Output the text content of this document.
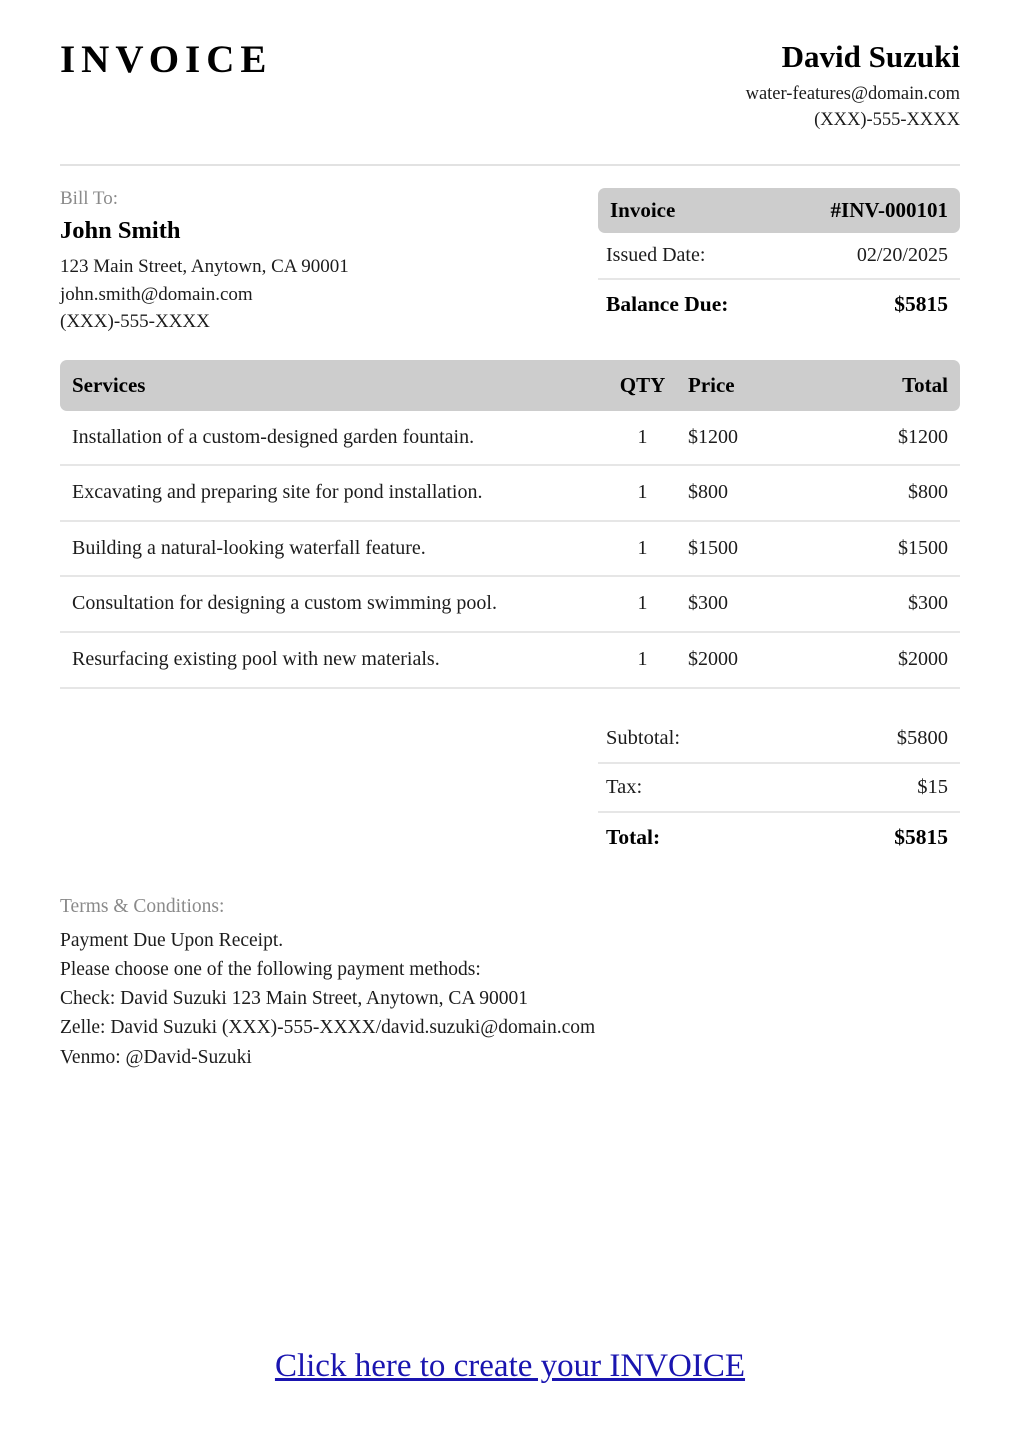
INVOICE	David Suzuki
water-features@domain.com
(XXX)-555-XXXX
Bill To:
John Smith
123 Main Street, Anytown, CA 90001
john.smith@domain.com
(XXX)-555-XXXX
Invoice	#INV-000101
Issued Date:	02/20/2025
Balance Due:	$5815
Services	QTY	Price	Total
Installation of a custom-designed garden fountain.	1	$1200	$1200
Excavating and preparing site for pond installation.	1	$800	$800
Building a natural-looking waterfall feature.	1	$1500	$1500
Consultation for designing a custom swimming pool.	1	$300	$300
Resurfacing existing pool with new materials.	1	$2000	$2000
Subtotal:	$5800
Tax:	$15
Total:	$5815
Terms & Conditions:
Payment Due Upon Receipt.
Please choose one of the following payment methods:
Check: David Suzuki 123 Main Street, Anytown, CA 90001
Zelle: David Suzuki (XXX)-555-XXXX/david.suzuki@domain.com
Venmo: @David-Suzuki
Click here to create your INVOICE
